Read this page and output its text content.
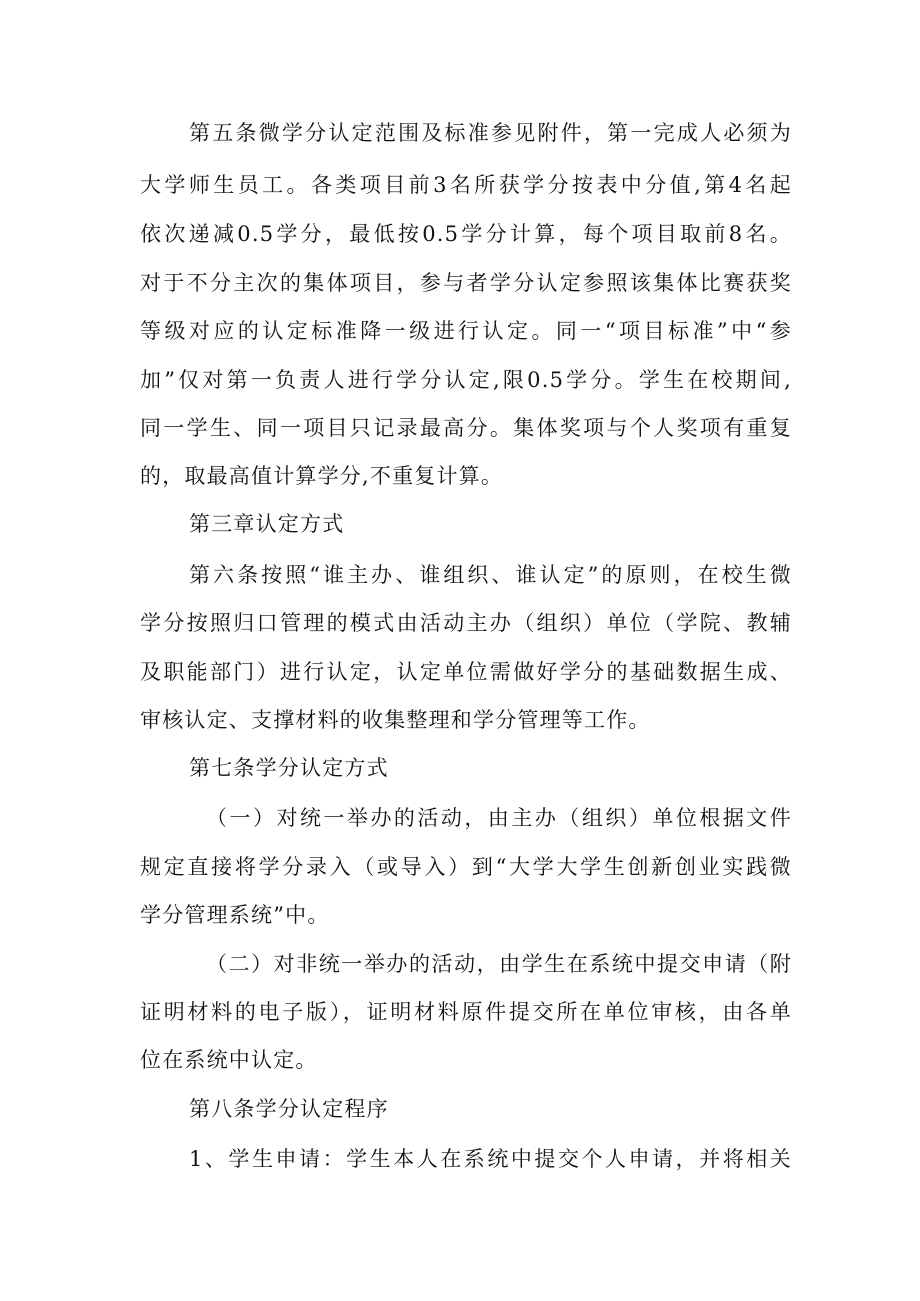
第五条微学分认定范围及标准参见附件，第一完成人必须为
大学师生员工。各类项目前3名所获学分按表中分值,第4名起
依次递减0.5学分，最低按0.5学分计算，每个项目取前8名。
对于不分主次的集体项目，参与者学分认定参照该集体比赛获奖
等级对应的认定标准降一级进行认定。同一“项目标准”中“参
加”仅对第一负责人进行学分认定,限0.5学分。学生在校期间,
同一学生、同一项目只记录最高分。集体奖项与个人奖项有重复
的，取最高值计算学分,不重复计算。
第三章认定方式
第六条按照“谁主办、谁组织、谁认定”的原则，在校生微
学分按照归口管理的模式由活动主办（组织）单位（学院、教辅
及职能部门）进行认定，认定单位需做好学分的基础数据生成、
审核认定、支撑材料的收集整理和学分管理等工作。
第七条学分认定方式
（一）对统一举办的活动，由主办（组织）单位根据文件
规定直接将学分录入（或导入）到“大学大学生创新创业实践微
学分管理系统”中。
（二）对非统一举办的活动，由学生在系统中提交申请（附
证明材料的电子版），证明材料原件提交所在单位审核，由各单
位在系统中认定。
第八条学分认定程序
1、学生申请：学生本人在系统中提交个人申请，并将相关
